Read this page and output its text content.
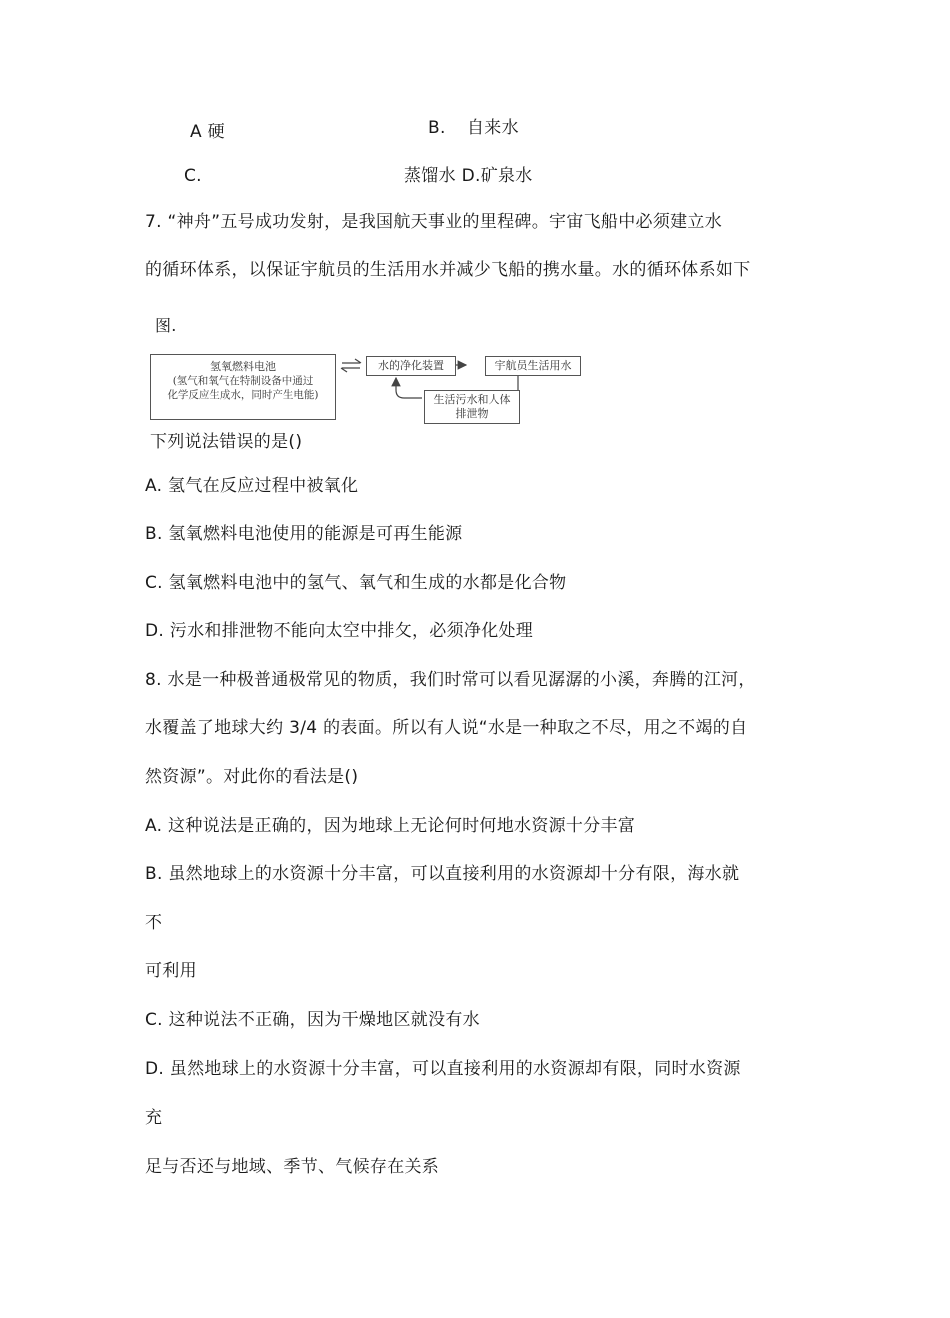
A 硬	B. 自来水
C.	蒸馏水 D.矿泉水
7. “神舟”五号成功发射，是我国航天事业的里程碑。宇宙飞船中必须建立水
的循环体系，以保证宇航员的生活用水并减少飞船的携水量。水的循环体系如下
图.
氢氧燃料电池
(氢气和氧气在特制设备中通过
化学反应生成水，同时产生电能)
水的净化装置	宇航员生活用水
生活污水和人体
排泄物
下列说法错误的是()
A. 氢气在反应过程中被氧化
B. 氢氧燃料电池使用的能源是可再生能源
C. 氢氧燃料电池中的氢气、氧气和生成的水都是化合物
D. 污水和排泄物不能向太空中排攵，必须净化处理
8. 水是一种极普通极常见的物质，我们时常可以看见潺潺的小溪，奔腾的江河，
水覆盖了地球大约 3/4 的表面。所以有人说“水是一种取之不尽，用之不竭的自
然资源”。对此你的看法是()
A. 这种说法是正确的，因为地球上无论何时何地水资源十分丰富
B. 虽然地球上的水资源十分丰富，可以直接利用的水资源却十分有限，海水就
不
可利用
C. 这种说法不正确，因为干燥地区就没有水
D. 虽然地球上的水资源十分丰富，可以直接利用的水资源却有限，同时水资源
充
足与否还与地域、季节、气候存在关系
